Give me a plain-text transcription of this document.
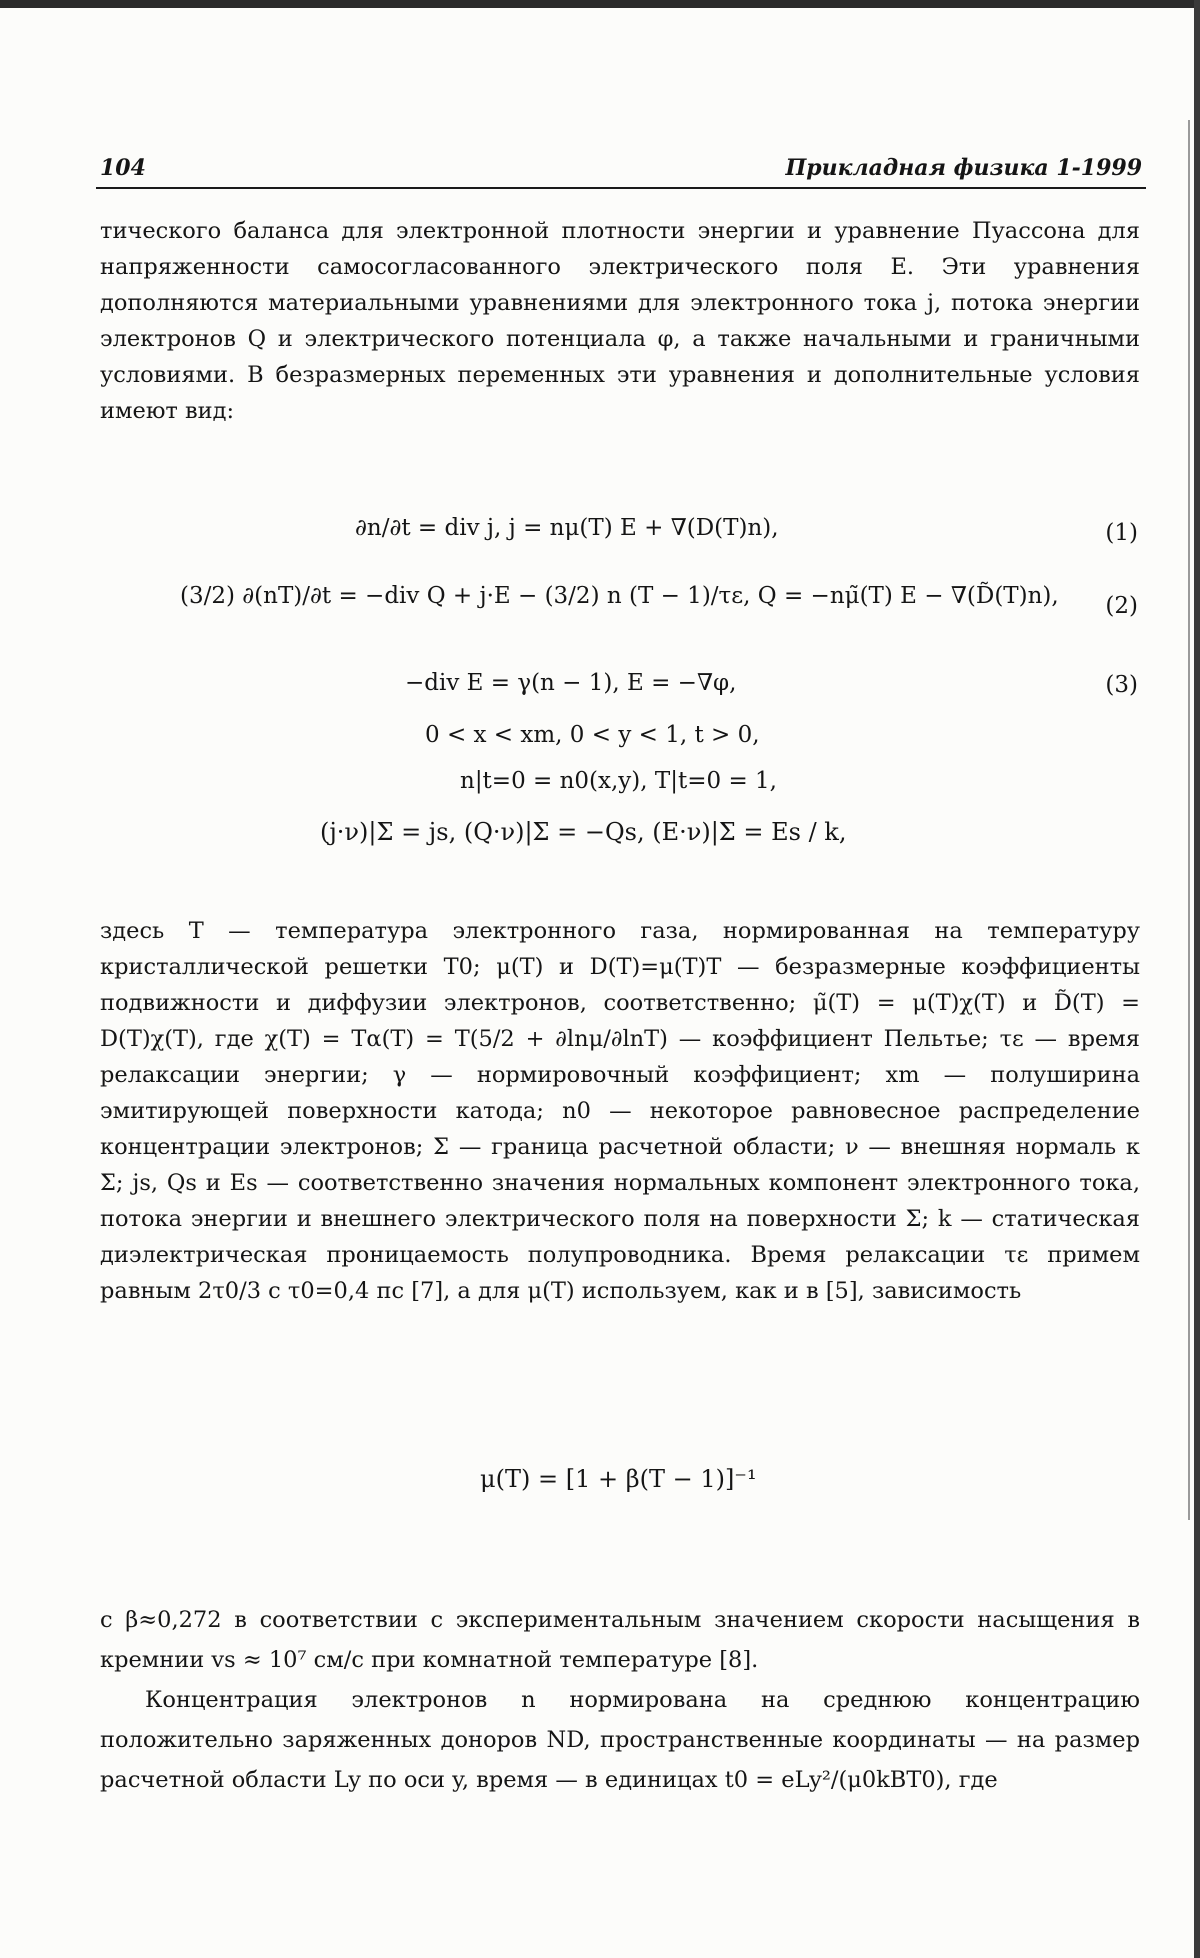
104	Прикладная физика 1-1999

тического баланса для электронной плотности энергии и уравнение Пуассона для напряженности самосогласованного электрического поля E. Эти уравнения дополняются материальными уравнениями для электронного тока j, потока энергии электронов Q и электрического потенциала φ, а также начальными и граничными условиями. В безразмерных переменных эти уравнения и дополнительные условия имеют вид:

∂n/∂t = div j, j = nμ(T) E + ∇(D(T)n),	(1)
(3/2) ∂(nT)/∂t = −div Q + j·E − (3/2) n (T − 1)/τε, Q = −nμ̃(T) E − ∇(D̃(T)n), (2)
−div E = γ(n − 1), E = −∇φ,	(3)
0 < x < xm, 0 < y < 1, t > 0,
n|t=0 = n0(x,y), T|t=0 = 1,
(j·ν)|Σ = js, (Q·ν)|Σ = −Qs, (E·ν)|Σ = Es / k,

здесь T — температура электронного газа, нормированная на температуру кристаллической решетки T0; μ(T) и D(T)=μ(T)T — безразмерные коэффициенты подвижности и диффузии электронов, соответственно; μ̃(T) = μ(T)χ(T) и D̃(T) = D(T)χ(T), где χ(T) = Tα(T) = T(5/2 + ∂lnμ/∂lnT) — коэффициент Пельтье; τε — время релаксации энергии; γ — нормировочный коэффициент; xm — полуширина эмитирующей поверхности катода; n0 — некоторое равновесное распределение концентрации электронов; Σ — граница расчетной области; ν — внешняя нормаль к Σ; js, Qs и Es — соответственно значения нормальных компонент электронного тока, потока энергии и внешнего электрического поля на поверхности Σ; k — статическая диэлектрическая проницаемость полупроводника. Время релаксации τε примем равным 2τ0/3 с τ0=0,4 пс [7], а для μ(T) используем, как и в [5], зависимость

μ(T) = [1 + β(T − 1)]⁻¹

с β≈0,272 в соответствии с экспериментальным значением скорости насыщения в кремнии vs ≈ 10⁷ см/с при комнатной температуре [8].

Концентрация электронов n нормирована на среднюю концентрацию положительно заряженных доноров ND, пространственные координаты — на размер расчетной области Ly по оси y, время — в единицах t0 = eLy²/(μ0kBT0), где
